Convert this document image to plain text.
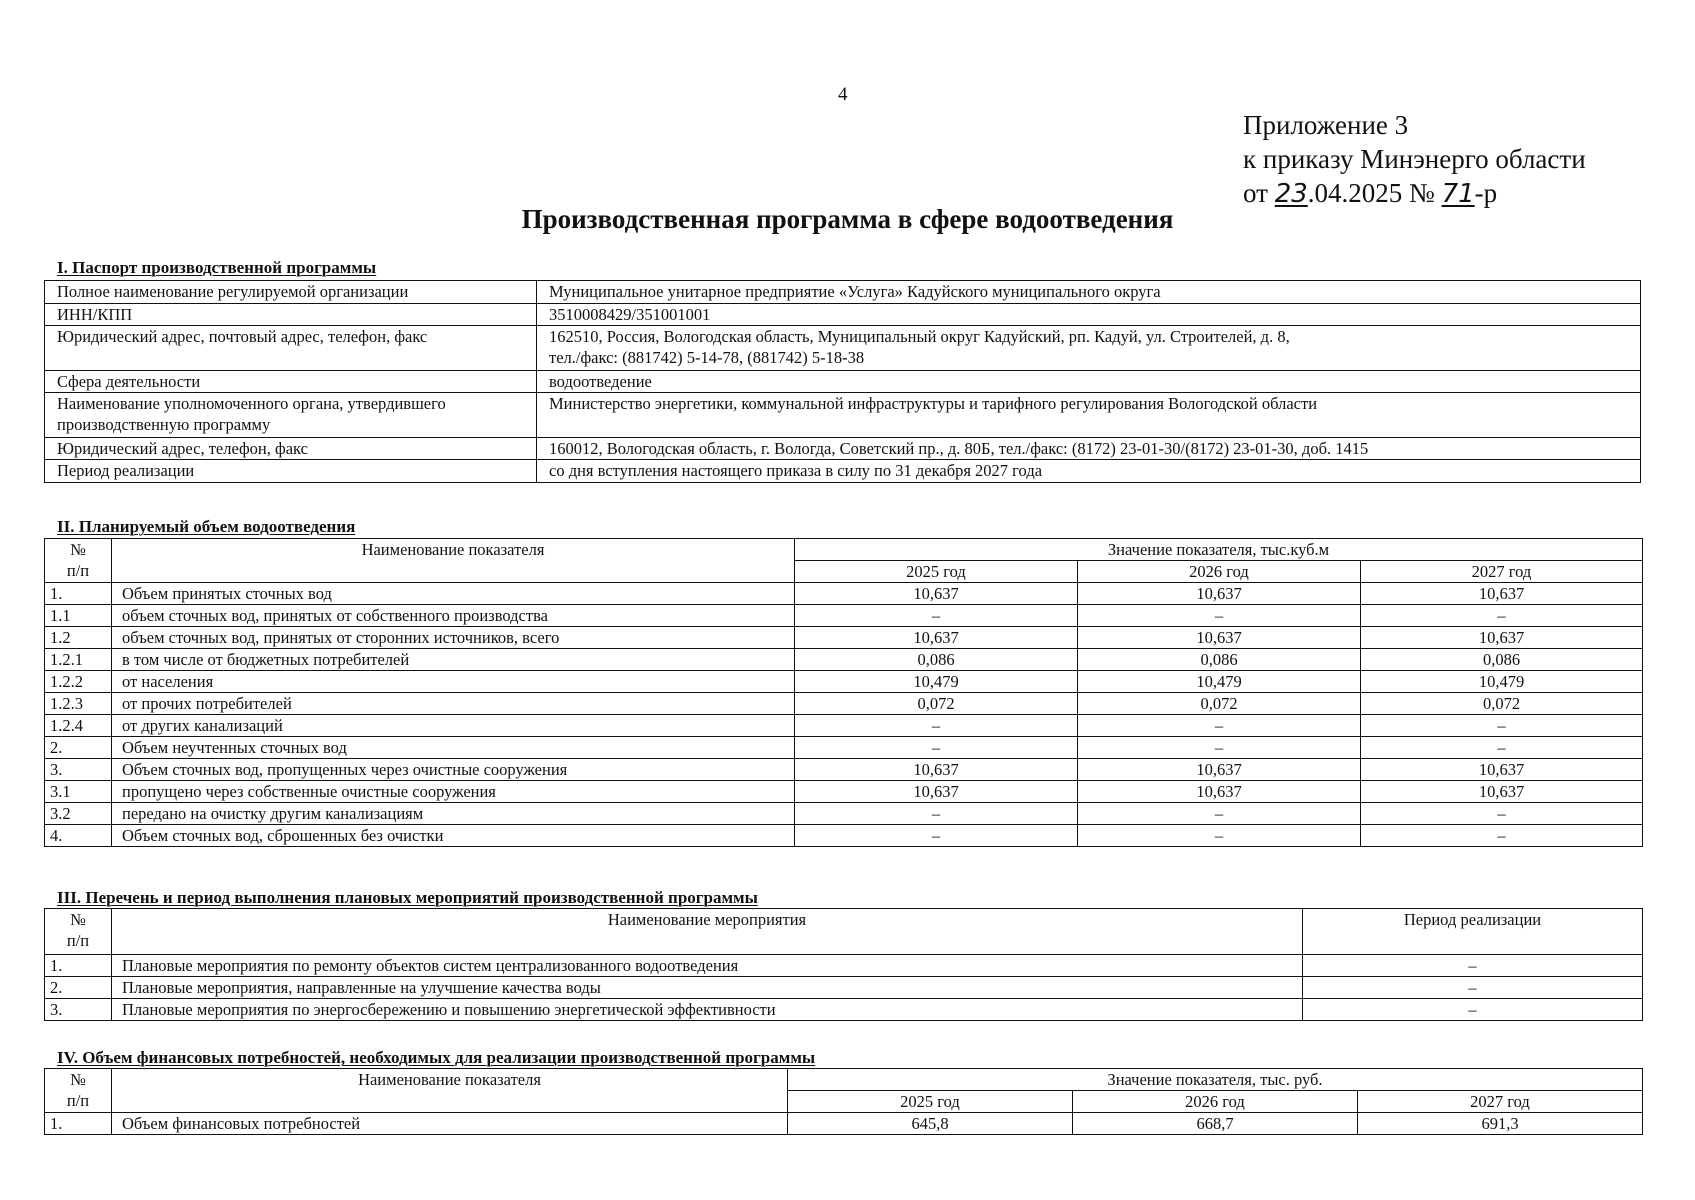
4
Приложение 3
к приказу Минэнерго области
от 23.04.2025 № 71-р
Производственная программа в сфере водоотведения
I. Паспорт производственной программы
Полное наименование регулируемой организации	Муниципальное унитарное предприятие «Услуга» Кадуйского муниципального округа
ИНН/КПП	3510008429/351001001
Юридический адрес, почтовый адрес, телефон, факс	162510, Россия, Вологодская область, Муниципальный округ Кадуйский, рп. Кадуй, ул. Строителей, д. 8,
тел./факс: (881742) 5-14-78, (881742) 5-18-38

Сфера деятельности	водоотведение

Наименование уполномоченного органа, утвердившего
производственную программу	Министерство энергетики, коммунальной инфраструктуры и тарифного регулирования Вологодской области
Юридический адрес, телефон, факс	160012, Вологодская область, г. Вологда, Советский пр., д. 80Б, тел./факс: (8172) 23-01-30/(8172) 23-01-30, доб. 1415
Период реализации	со дня вступления настоящего приказа в силу по 31 декабря 2027 года
II. Планируемый объем водоотведения
№
п/п	Наименование показателя	Значение показателя, тыс.куб.м		
		2025 год	2026 год	2027 год
1.	Объем принятых сточных вод	10,637	10,637	10,637
1.1	объем сточных вод, принятых от собственного производства	–	–	–
1.2	объем сточных вод, принятых от сторонних источников, всего	10,637	10,637	10,637
1.2.1	в том числе от бюджетных потребителей	0,086	0,086	0,086
1.2.2	от населения	10,479	10,479	10,479
1.2.3	от прочих потребителей	0,072	0,072	0,072
1.2.4	от других канализаций	–	–	–
2.	Объем неучтенных сточных вод	–	–	–
3.	Объем сточных вод, пропущенных через очистные сооружения	10,637	10,637	10,637
3.1	пропущено через собственные очистные сооружения	10,637	10,637	10,637
3.2	передано на очистку другим канализациям	–	–	–
4.	Объем сточных вод, сброшенных без очистки	–	–	–
III. Перечень и период выполнения плановых мероприятий производственной программы
№
п/п	Наименование мероприятия	Период реализации
1.	Плановые мероприятия по ремонту объектов систем централизованного водоотведения	–
2.	Плановые мероприятия, направленные на улучшение качества воды	–
3.	Плановые мероприятия по энергосбережению и повышению энергетической эффективности	–
IV. Объем финансовых потребностей, необходимых для реализации производственной программы
№
п/п	Наименование показателя	Значение показателя, тыс. руб.		
		2025 год	2026 год	2027 год
1.	Объем финансовых потребностей	645,8	668,7	691,3
